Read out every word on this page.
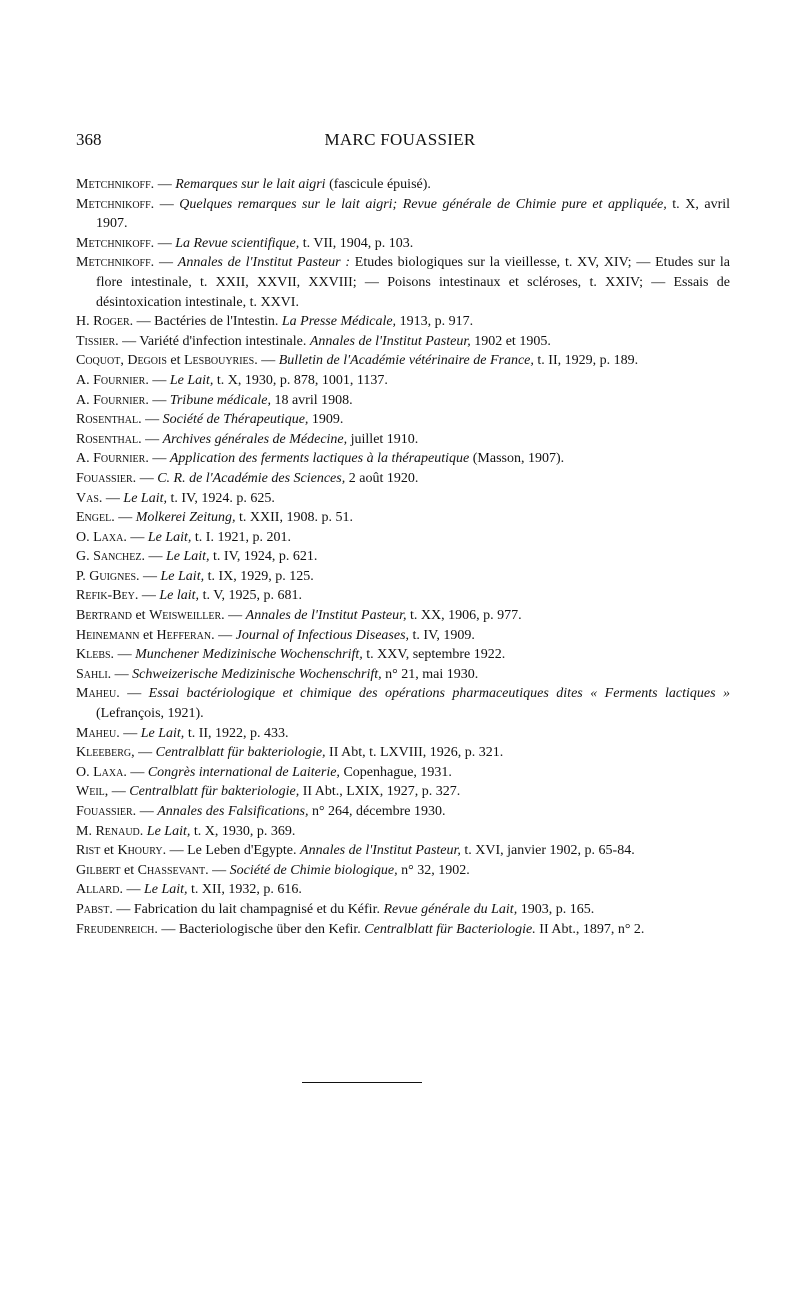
368	MARC FOUASSIER

Metchnikoff. — Remarques sur le lait aigri (fascicule épuisé).

Metchnikoff. — Quelques remarques sur le lait aigri; Revue générale de Chimie pure et appliquée, t. X, avril 1907.

Metchnikoff. — La Revue scientifique, t. VII, 1904, p. 103.

Metchnikoff. — Annales de l'Institut Pasteur : Etudes biologiques sur la vieillesse, t. XV, XIV; — Etudes sur la flore intestinale, t. XXII, XXVII, XXVIII; — Poisons intestinaux et scléroses, t. XXIV; — Essais de désintoxication intestinale, t. XXVI.

H. Roger. — Bactéries de l'Intestin. La Presse Médicale, 1913, p. 917.

Tissier. — Variété d'infection intestinale. Annales de l'Institut Pasteur, 1902 et 1905.

Coquot, Degois et Lesbouyries. — Bulletin de l'Académie vétérinaire de France, t. II, 1929, p. 189.

A. Fournier. — Le Lait, t. X, 1930, p. 878, 1001, 1137.

A. Fournier. — Tribune médicale, 18 avril 1908.

Rosenthal. — Société de Thérapeutique, 1909.

Rosenthal. — Archives générales de Médecine, juillet 1910.

A. Fournier. — Application des ferments lactiques à la thérapeutique (Masson, 1907).

Fouassier. — C. R. de l'Académie des Sciences, 2 août 1920.

Vas. — Le Lait, t. IV, 1924. p. 625.

Engel. — Molkerei Zeitung, t. XXII, 1908. p. 51.

O. Laxa. — Le Lait, t. I. 1921, p. 201.

G. Sanchez. — Le Lait, t. IV, 1924, p. 621.

P. Guignes. — Le Lait, t. IX, 1929, p. 125.

Refik-Bey. — Le lait, t. V, 1925, p. 681.

Bertrand et Weisweiller. — Annales de l'Institut Pasteur, t. XX, 1906, p. 977.

Heinemann et Hefferan. — Journal of Infectious Diseases, t. IV, 1909.

Klebs. — Munchener Medizinische Wochenschrift, t. XXV, septembre 1922.

Sahli. — Schweizerische Medizinische Wochenschrift, n° 21, mai 1930.

Maheu. — Essai bactériologique et chimique des opérations pharmaceutiques dites « Ferments lactiques » (Lefrançois, 1921).

Maheu. — Le Lait, t. II, 1922, p. 433.

Kleeberg, — Centralblatt für bakteriologie, II Abt, t. LXVIII, 1926, p. 321.

O. Laxa. — Congrès international de Laiterie, Copenhague, 1931.

Weil, — Centralblatt für bakteriologie, II Abt., LXIX, 1927, p. 327.

Fouassier. — Annales des Falsifications, n° 264, décembre 1930.

M. Renaud. Le Lait, t. X, 1930, p. 369.

Rist et Khoury. — Le Leben d'Egypte. Annales de l'Institut Pasteur, t. XVI, janvier 1902, p. 65-84.

Gilbert et Chassevant. — Société de Chimie biologique, n° 32, 1902.

Allard. — Le Lait, t. XII, 1932, p. 616.

Pabst. — Fabrication du lait champagnisé et du Kéfir. Revue générale du Lait, 1903, p. 165.

Freudenreich. — Bacteriologische über den Kefir. Centralblatt für Bacteriologie. II Abt., 1897, n° 2.
